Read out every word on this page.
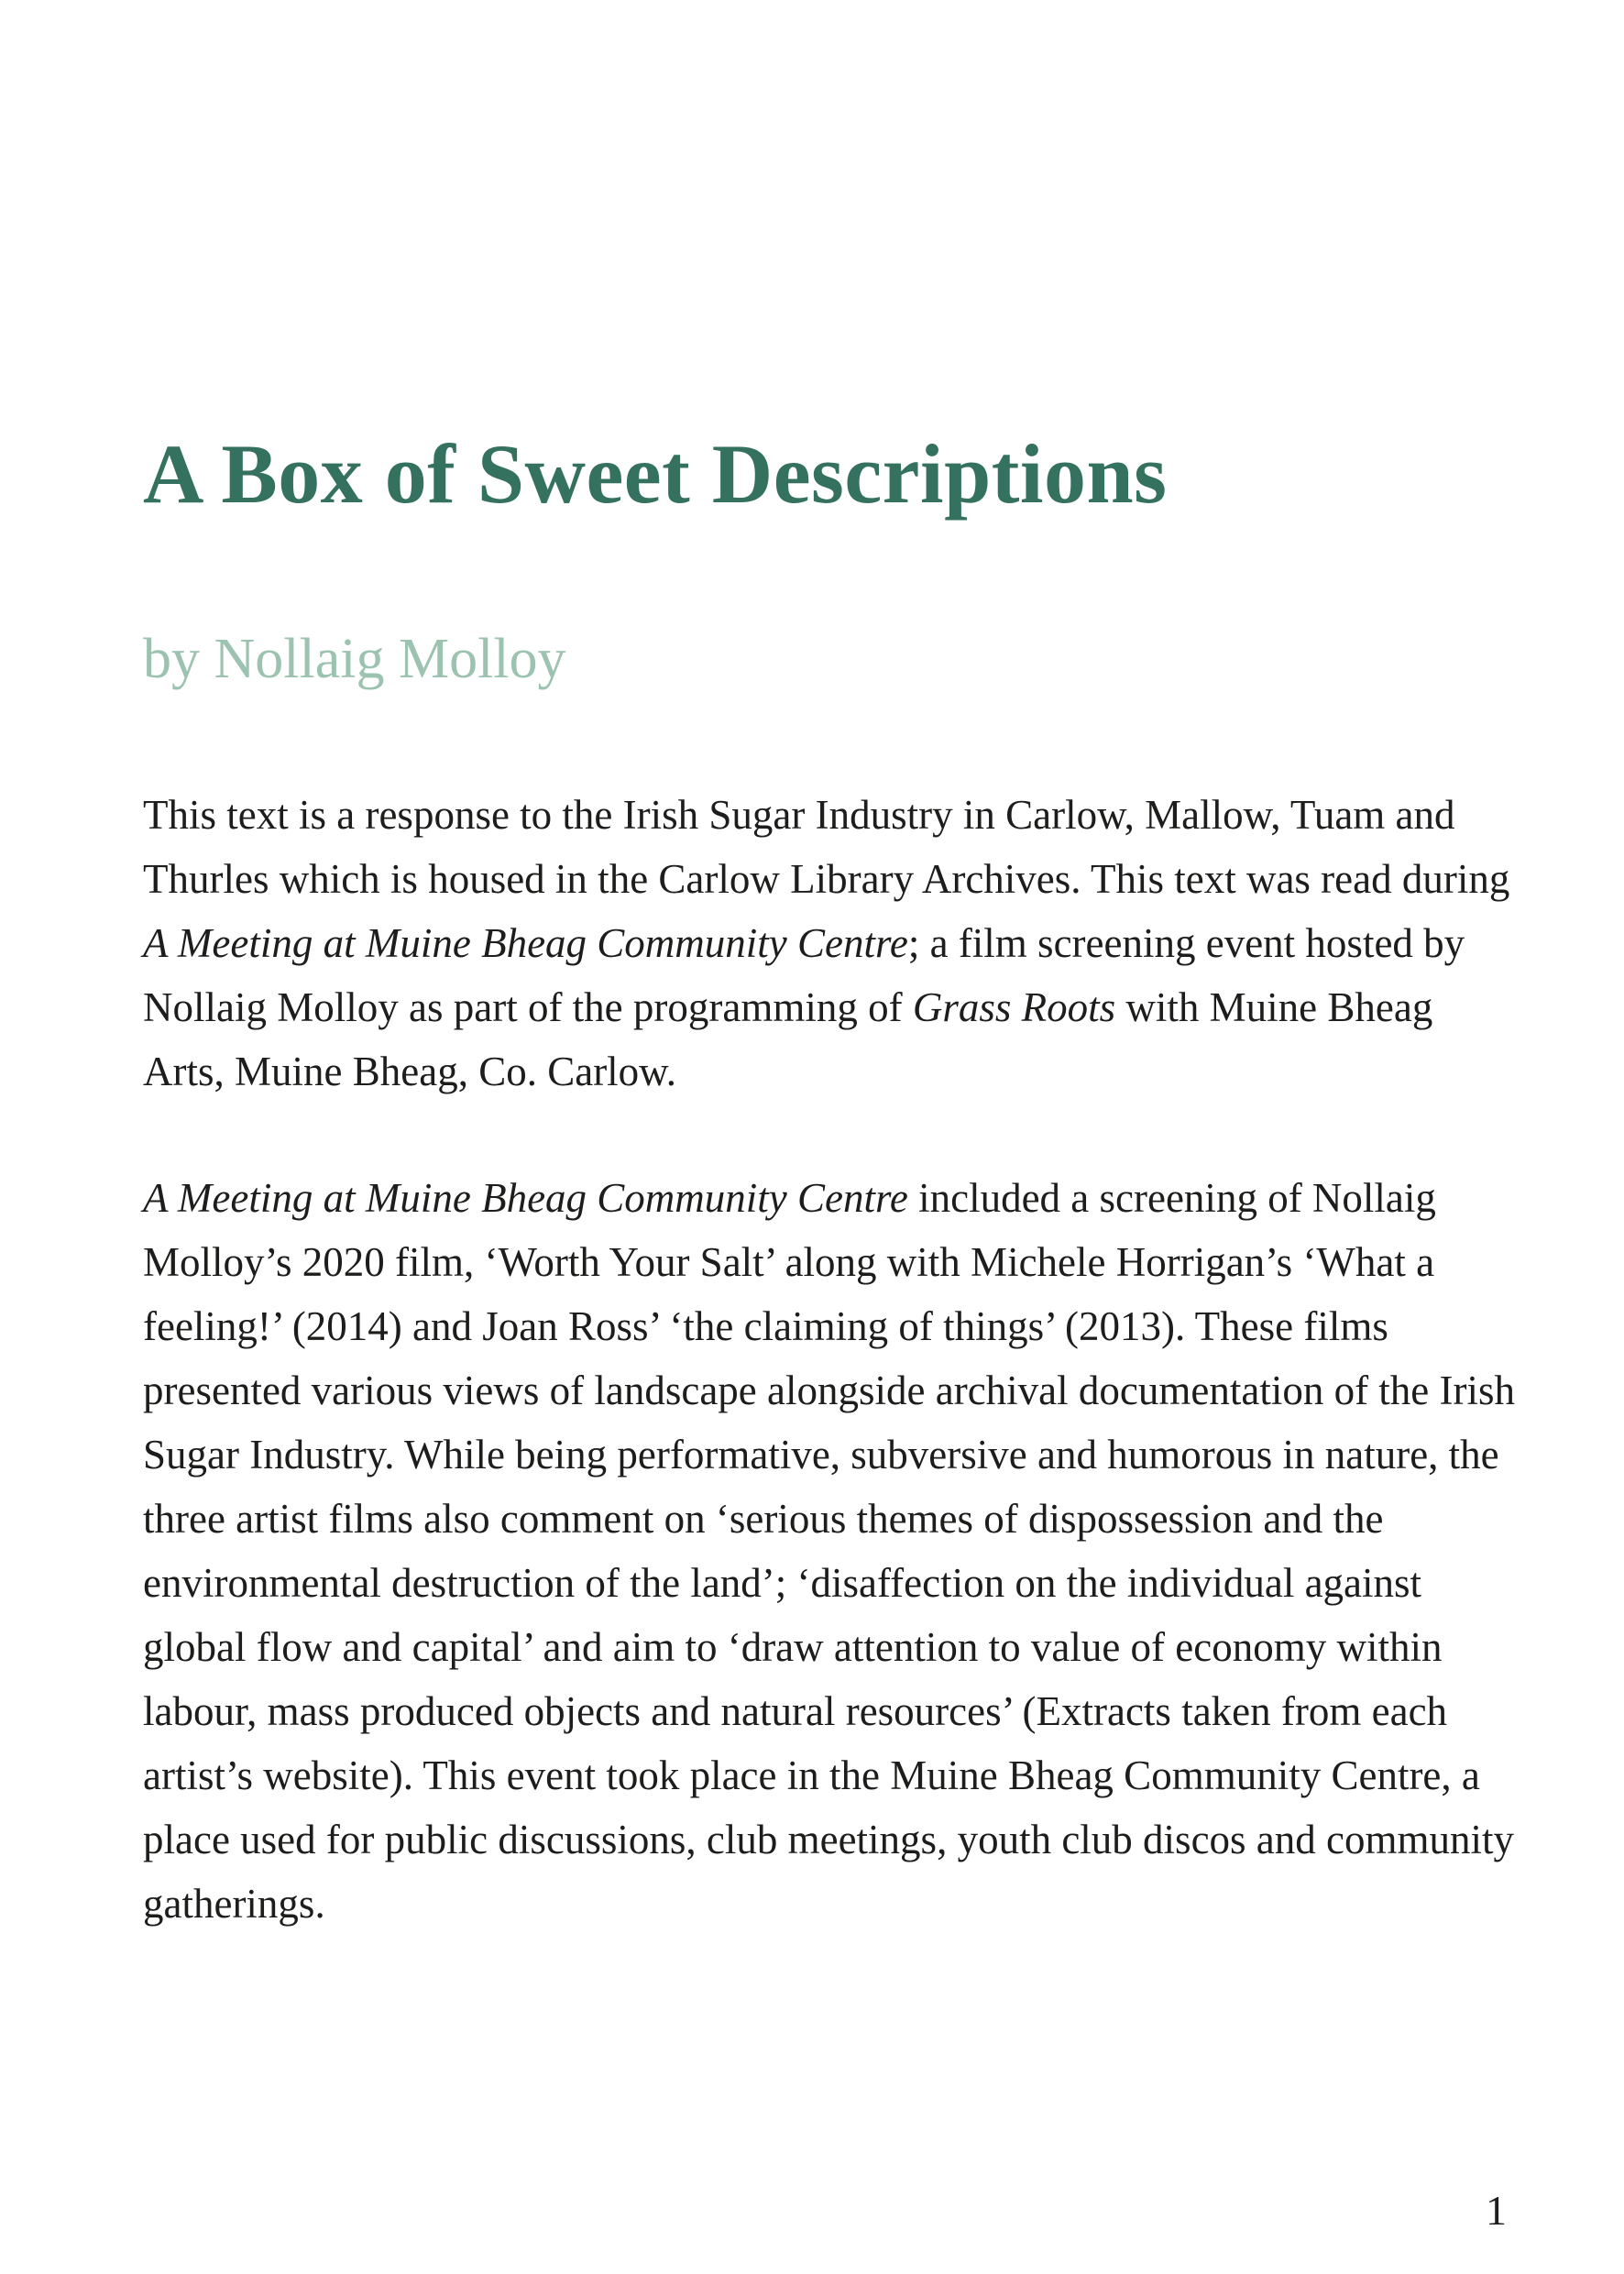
A Box of Sweet Descriptions
by Nollaig Molloy

This text is a response to the Irish Sugar Industry in Carlow, Mallow, Tuam and Thurles which is housed in the Carlow Library Archives. This text was read during A Meeting at Muine Bheag Community Centre; a film screening event hosted by Nollaig Molloy as part of the programming of Grass Roots with Muine Bheag Arts, Muine Bheag, Co. Carlow.

A Meeting at Muine Bheag Community Centre included a screening of Nollaig Molloy’s 2020 film, ‘Worth Your Salt’ along with Michele Horrigan’s ‘What a feeling!’ (2014) and Joan Ross’ ‘the claiming of things’ (2013). These films presented various views of landscape alongside archival documentation of the Irish Sugar Industry. While being performative, subversive and humorous in nature, the three artist films also comment on ‘serious themes of dispossession and the environmental destruction of the land’; ‘disaffection on the individual against global flow and capital’ and aim to ‘draw attention to value of economy within labour, mass produced objects and natural resources’ (Extracts taken from each artist’s website). This event took place in the Muine Bheag Community Centre, a place used for public discussions, club meetings, youth club discos and community gatherings.

1
